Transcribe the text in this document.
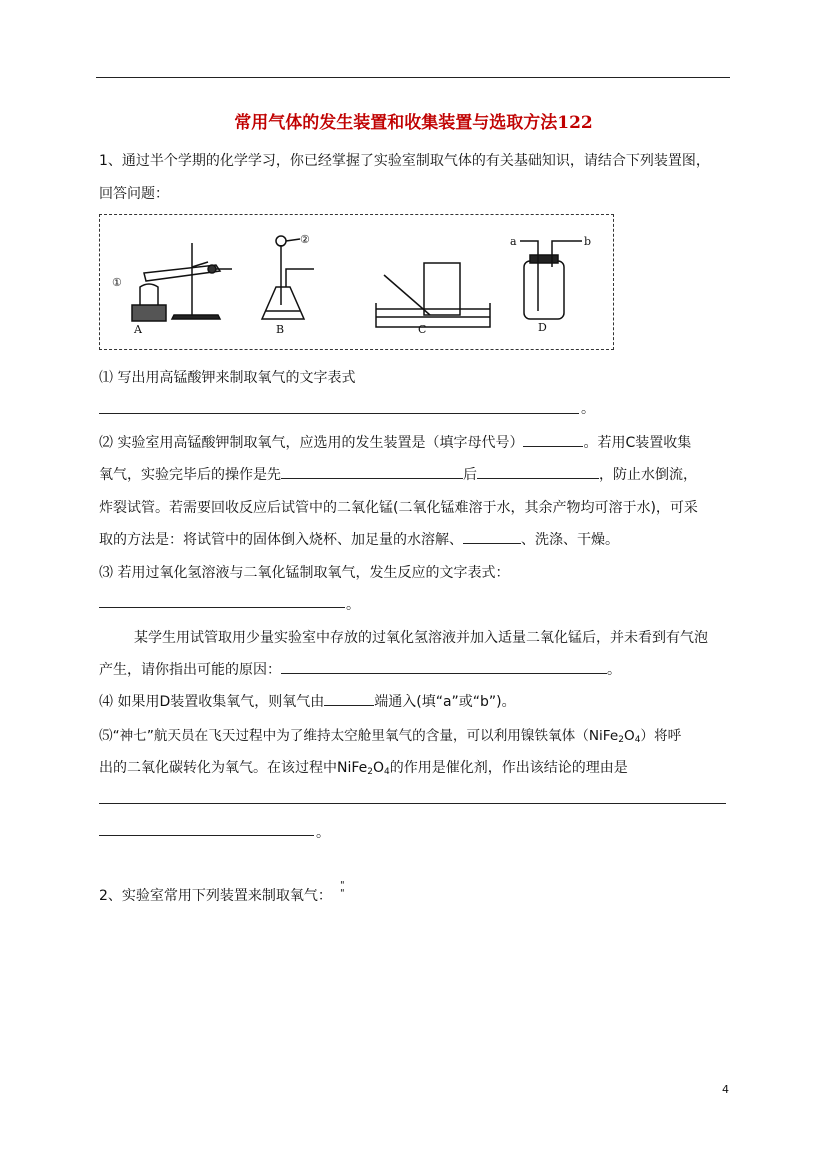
常用气体的发生装置和收集装置与选取方法122
1、通过半个学期的化学学习，你已经掌握了实验室制取气体的有关基础知识，请结合下列装置图，
回答问题：
A	B	C	D
①
②	a	b
⑴ 写出用高锰酸钾来制取氧气的文字表式
。
⑵ 实验室用高锰酸钾制取氧气，应选用的发生装置是（填字母代号）	。若用C装置收集
氧气，实验完毕后的操作是先	后	，防止水倒流，
炸裂试管。若需要回收反应后试管中的二氧化锰(二氧化锰难溶于水，其余产物均可溶于水)，可采
取的方法是：将试管中的固体倒入烧杯、加足量的水溶解、	、洗涤、干燥。
⑶ 若用过氧化氢溶液与二氧化锰制取氧气，发生反应的文字表式：
。
某学生用试管取用少量实验室中存放的过氧化氢溶液并加入适量二氧化锰后，并未看到有气泡
产生，请你指出可能的原因：	。
⑷ 如果用D装置收集氧气，则氧气由	端通入(填“a”或“b”)。
⑸“神七”航天员在飞天过程中为了维持太空舱里氧气的含量，可以利用镍铁氧体$(NiFe_2O_4)$将呼
出的二氧化碳转化为氧气。在该过程中$NiFe_2O_4$的作用是催化剂，作出该结论的理由是
。
2、实验室常用下列装置来制取氧气：
"
"
4
